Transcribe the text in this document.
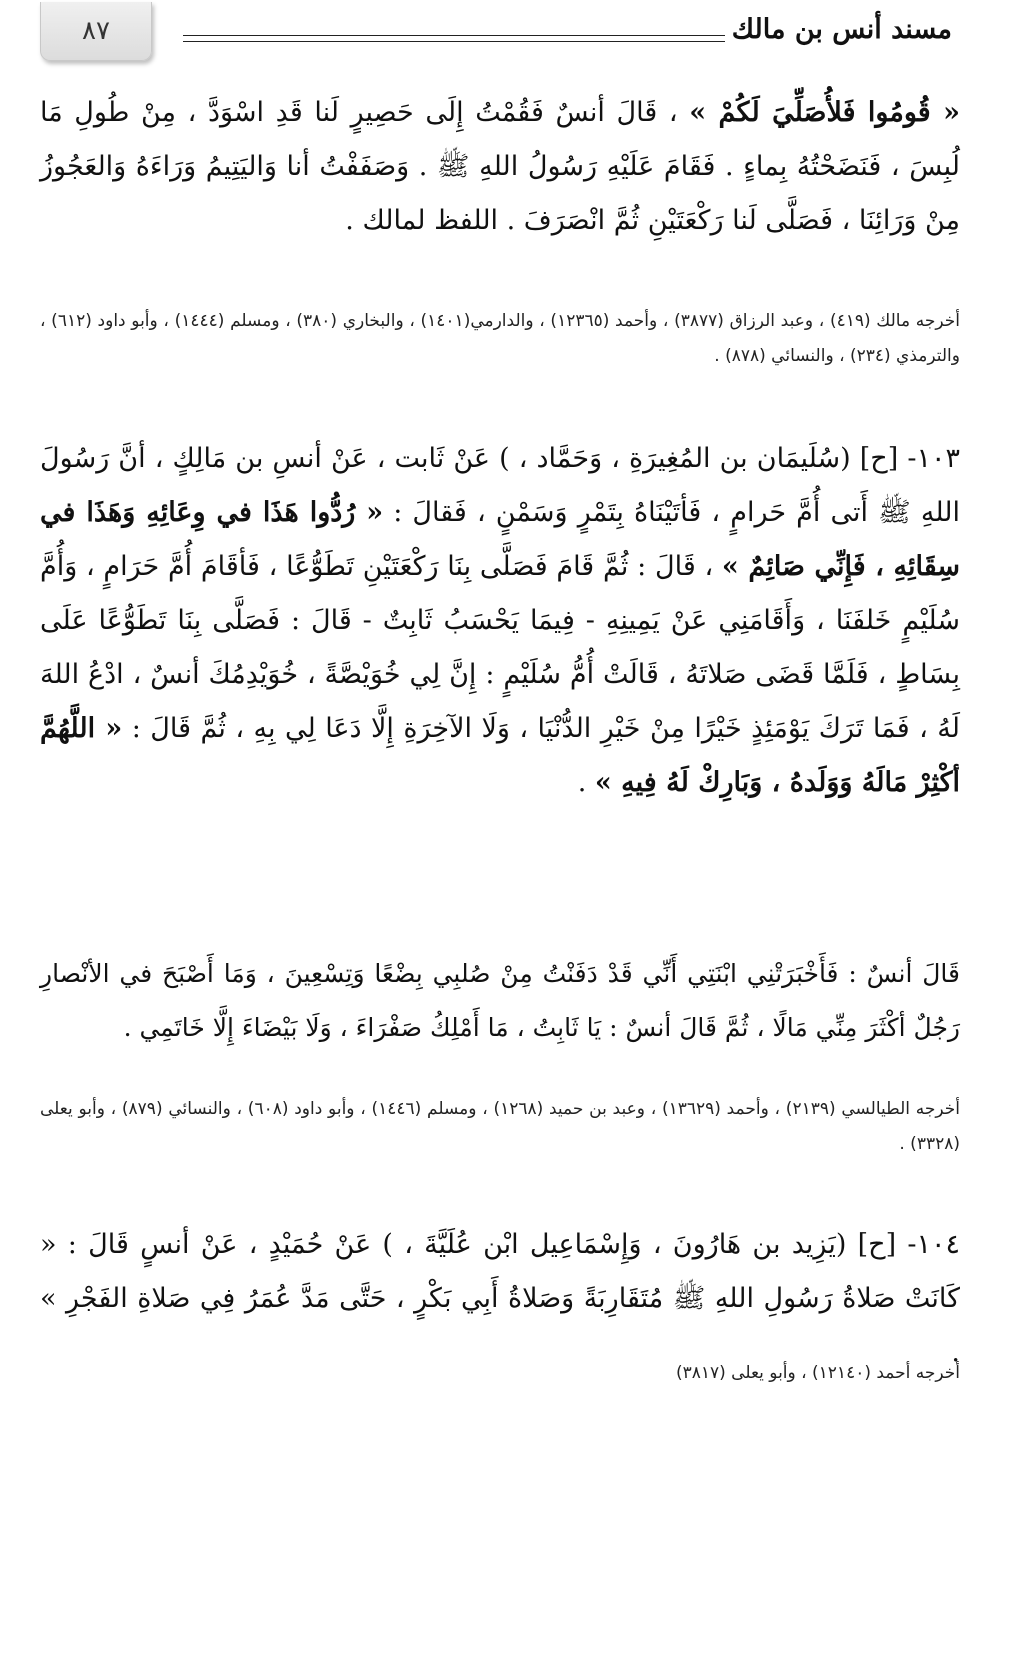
٨٧	مسند أنس بن مالك
« قُومُوا فَلأُصَلِّيَ لَكُمْ » ، قَالَ أنسٌ فَقُمْتُ إِلَى حَصِيرٍ لَنا قَدِ اسْوَدَّ ، مِنْ طُولِ مَا لُبِسَ ، فَنَضَحْتُهُ بِماءٍ . فَقَامَ عَلَيْهِ رَسُولُ اللهِ ﷺ . وَصَفَفْتُ أنا وَاليَتِيمُ وَرَاءَهُ وَالعَجُوزُ مِنْ وَرَائِنَا ، فَصَلَّى لَنا رَكْعَتَيْنِ ثُمَّ انْصَرَفَ . اللفظ لمالك .
أخرجه مالك (٤١٩) ، وعبد الرزاق (٣٨٧٧) ، وأحمد (١٢٣٦٥) ، والدارمي(١٤٠١) ، والبخاري (٣٨٠) ، ومسلم (١٤٤٤) ، وأبو داود (٦١٢) ، والترمذي (٢٣٤) ، والنسائي (٨٧٨) .
١٠٣- [ح] (سُلَيمَان بن المُغِيرَةِ ، وَحَمَّاد ، ) عَنْ ثَابت ، عَنْ أنسِ بن مَالِكٍ ، أنَّ رَسُولَ اللهِ ﷺ أَتى أُمَّ حَرامٍ ، فَأتَيْنَاهُ بِتَمْرٍ وَسَمْنٍ ، فَقالَ : « رُدُّوا هَذَا في وِعَائِهِ وَهَذَا في سِقَائِهِ ، فَإِنِّي صَائِمٌ » ، قَالَ : ثُمَّ قَامَ فَصَلَّى بِنَا رَكْعَتَيْنِ تَطَوُّعًا ، فَأقَامَ أُمَّ حَرَامٍ ، وَأُمَّ سُلَيْمٍ خَلفَنَا ، وَأَقَامَنِي عَنْ يَمِينِهِ - فِيمَا يَحْسَبُ ثَابِتٌ - قَالَ : فَصَلَّى بِنَا تَطَوُّعًا عَلَى بِسَاطٍ ، فَلَمَّا قَضَى صَلاتَهُ ، قَالَتْ أُمُّ سُلَيْمٍ : إِنَّ لِي خُوَيْصَّةً ، خُوَيْدِمُكَ أنسٌ ، ادْعُ اللهَ لَهُ ، فَمَا تَرَكَ يَوْمَئِذٍ خَيْرًا مِنْ خَيْرِ الدُّنْيَا ، وَلَا الآخِرَةِ إِلَّا دَعَا لِي بِهِ ، ثُمَّ قَالَ : « اللَّهُمَّ أكْثِرْ مَالَهُ وَوَلَدهُ ، وَبَارِكْ لَهُ فِيهِ » .
قَالَ أنسٌ : فَأَخْبَرَتْنِي ابْنَتِي أَنِّي قَدْ دَفَنْتُ مِنْ صُلبِي بِضْعًا وَتِسْعِينَ ، وَمَا أَصْبَحَ في الأنْصارِ رَجُلٌ أكْثَرَ مِنِّي مَالًا ، ثُمَّ قَالَ أنسٌ : يَا ثَابِتُ ، مَا أَمْلِكُ صَفْرَاءَ ، وَلَا بَيْضَاءَ إِلَّا خَاتَمِي .
أخرجه الطيالسي (٢١٣٩) ، وأحمد (١٣٦٢٩) ، وعبد بن حميد (١٢٦٨) ، ومسلم (١٤٤٦) ، وأبو داود (٦٠٨) ، والنسائي (٨٧٩) ، وأبو يعلى (٣٣٢٨) .
١٠٤- [ح] (يَزِيد بن هَارُونَ ، وَإِسْمَاعِيل ابْن عُلَيَّةَ ، ) عَنْ حُمَيْدٍ ، عَنْ أنسٍ قَالَ : « كَانَتْ صَلاةُ رَسُولِ اللهِ ﷺ مُتَقَارِبَةً وَصَلاةُ أَبِي بَكْرٍ ، حَتَّى مَدَّ عُمَرُ فِي صَلاةِ الفَجْرِ » .
أخرجه أحمد (١٢١٤٠) ، وأبو يعلى (٣٨١٧)
